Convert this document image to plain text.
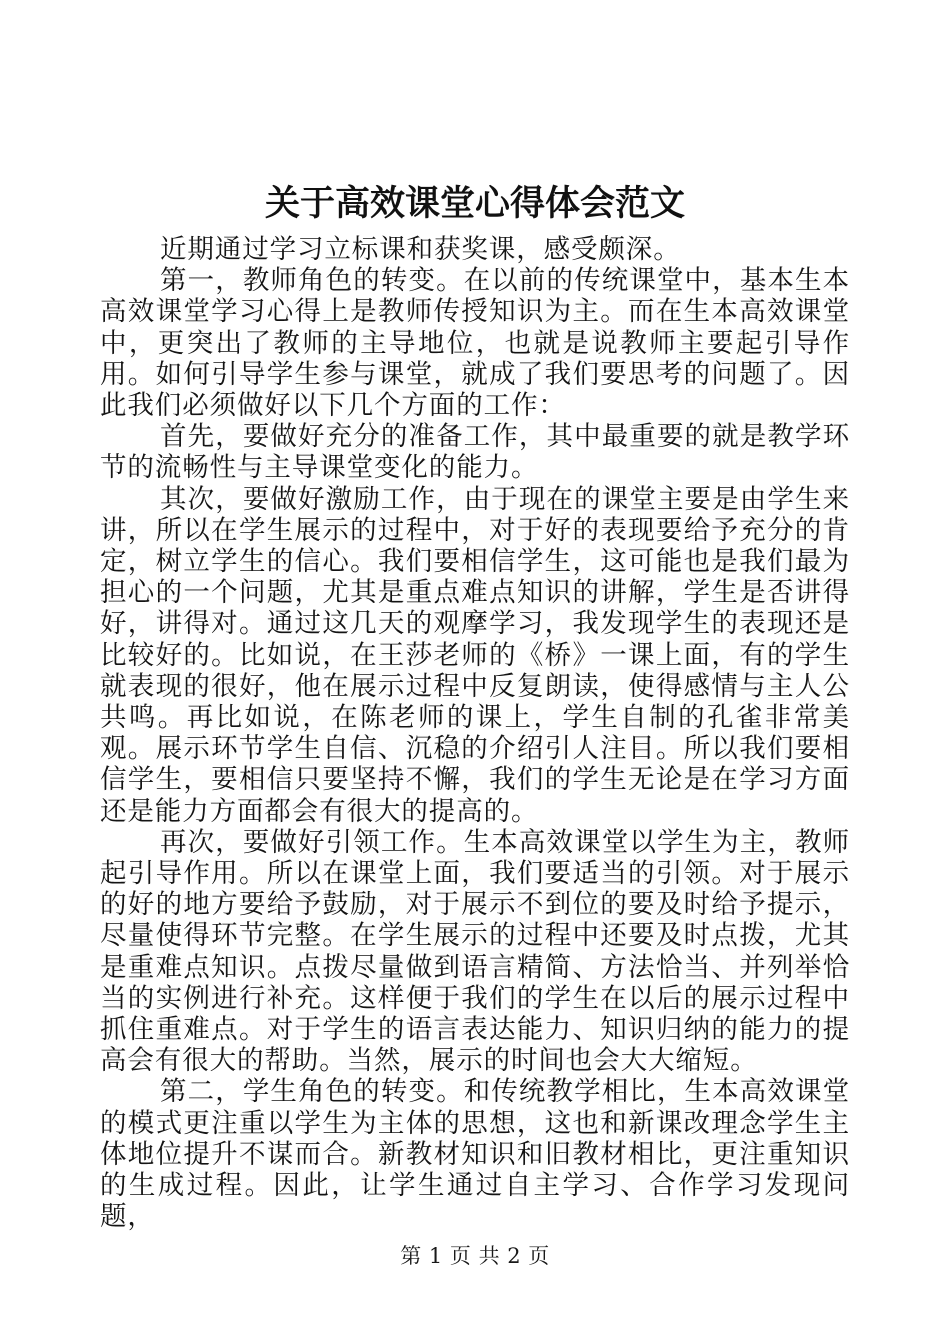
关于高效课堂心得体会范文

近期通过学习立标课和获奖课，感受颇深。

第一，教师角色的转变。在以前的传统课堂中，基本生本高效课堂学习心得上是教师传授知识为主。而在生本高效课堂中，更突出了教师的主导地位，也就是说教师主要起引导作用。如何引导学生参与课堂，就成了我们要思考的问题了。因此我们必须做好以下几个方面的工作：

首先，要做好充分的准备工作，其中最重要的就是教学环节的流畅性与主导课堂变化的能力。

其次，要做好激励工作，由于现在的课堂主要是由学生来讲，所以在学生展示的过程中，对于好的表现要给予充分的肯定，树立学生的信心。我们要相信学生，这可能也是我们最为担心的一个问题，尤其是重点难点知识的讲解，学生是否讲得好，讲得对。通过这几天的观摩学习，我发现学生的表现还是比较好的。比如说，在王莎老师的《桥》一课上面，有的学生就表现的很好，他在展示过程中反复朗读，使得感情与主人公共鸣。再比如说，在陈老师的课上，学生自制的孔雀非常美观。展示环节学生自信、沉稳的介绍引人注目。所以我们要相信学生，要相信只要坚持不懈，我们的学生无论是在学习方面还是能力方面都会有很大的提高的。

再次，要做好引领工作。生本高效课堂以学生为主，教师起引导作用。所以在课堂上面，我们要适当的引领。对于展示的好的地方要给予鼓励，对于展示不到位的要及时给予提示，尽量使得环节完整。在学生展示的过程中还要及时点拨，尤其是重难点知识。点拨尽量做到语言精简、方法恰当、并列举恰当的实例进行补充。这样便于我们的学生在以后的展示过程中抓住重难点。对于学生的语言表达能力、知识归纳的能力的提高会有很大的帮助。当然，展示的时间也会大大缩短。

第二，学生角色的转变。和传统教学相比，生本高效课堂的模式更注重以学生为主体的思想，这也和新课改理念学生主体地位提升不谋而合。新教材知识和旧教材相比，更注重知识的生成过程。因此，让学生通过自主学习、合作学习发现问题，

第 1 页 共 2 页
